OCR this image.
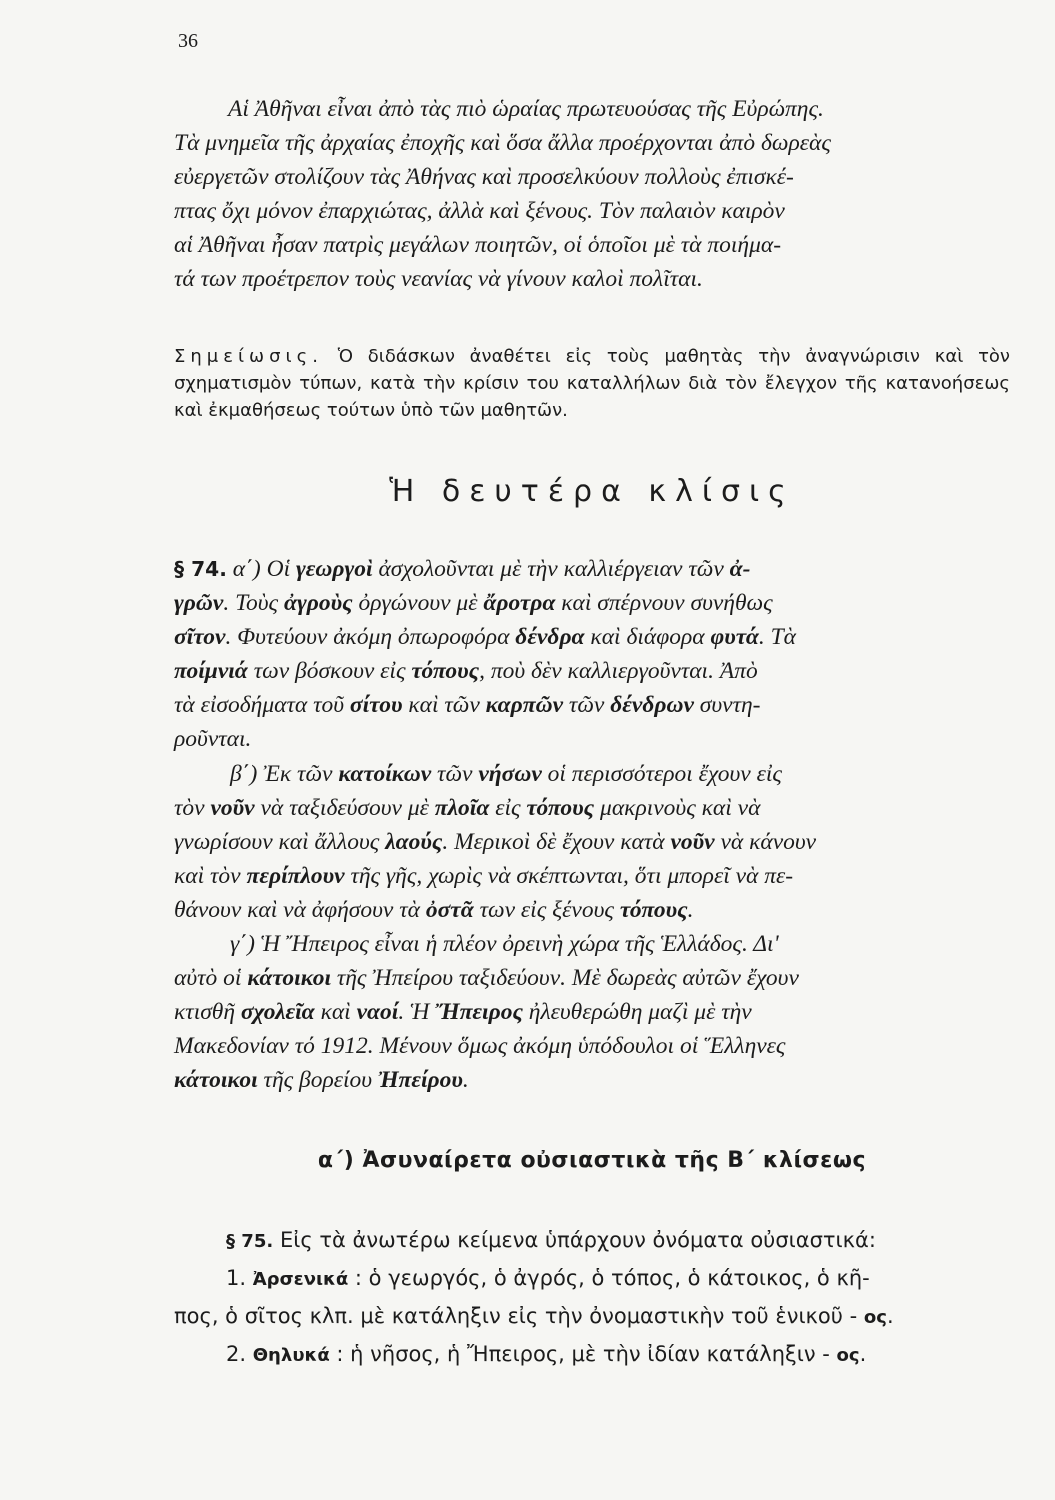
36
Αἱ Ἀθῆναι εἶναι ἀπὸ τὰς πιὸ ὡραίας πρωτευούσας τῆς Εὐρώπης.
Τὰ μνημεῖα τῆς ἀρχαίας ἐποχῆς καὶ ὅσα ἄλλα προέρχονται ἀπὸ δωρεὰς
εὐεργετῶν στολίζουν τὰς Ἀθήνας καὶ προσελκύουν πολλοὺς ἐπισκέ-
πτας ὄχι μόνον ἐπαρχιώτας, ἀλλὰ καὶ ξένους. Τὸν παλαιὸν καιρὸν
αἱ Ἀθῆναι ἦσαν πατρὶς μεγάλων ποιητῶν, οἱ ὁποῖοι μὲ τὰ ποιήμα-
τά των προέτρεπον τοὺς νεανίας νὰ γίνουν καλοὶ πολῖται.
Σημείωσις. Ὁ διδάσκων ἀναθέτει εἰς τοὺς μαθητὰς τὴν ἀναγνώρισιν καὶ τὸν σχηματισμὸν τύπων, κατὰ τὴν κρίσιν του καταλλήλων διὰ τὸν ἔλεγχον τῆς κατανοήσεως καὶ ἐκμαθήσεως τούτων ὑπὸ τῶν μαθητῶν.
Ἡ δευτέρα κλίσις
§ 74. α΄) Οἱ γεωργοὶ ἀσχολοῦνται μὲ τὴν καλλιέργειαν τῶν ἀ-
γρῶν. Τοὺς ἀγροὺς ὀργώνουν μὲ ἄροτρα καὶ σπέρνουν συνήθως
σῖτον. Φυτεύουν ἀκόμη ὀπωροφόρα δένδρα καὶ διάφορα φυτά. Τὰ
ποίμνιά των βόσκουν εἰς τόπους, ποὺ δὲν καλλιεργοῦνται. Ἀπὸ
τὰ εἰσοδήματα τοῦ σίτου καὶ τῶν καρπῶν τῶν δένδρων συντη-
ροῦνται.
β΄) Ἐκ τῶν κατοίκων τῶν νήσων οἱ περισσότεροι ἔχουν εἰς
τὸν νοῦν νὰ ταξιδεύσουν μὲ πλοῖα εἰς τόπους μακρινοὺς καὶ νὰ
γνωρίσουν καὶ ἄλλους λαούς. Μερικοὶ δὲ ἔχουν κατὰ νοῦν νὰ κάνουν
καὶ τὸν περίπλουν τῆς γῆς, χωρὶς νὰ σκέπτωνται, ὅτι μπορεῖ νὰ πε-
θάνουν καὶ νὰ ἀφήσουν τὰ ὀστᾶ των εἰς ξένους τόπους.
γ΄) Ἡ Ἤπειρος εἶναι ἡ πλέον ὀρεινὴ χώρα τῆς Ἑλλάδος. Δι'
αὐτὸ οἱ κάτοικοι τῆς Ἠπείρου ταξιδεύουν. Μὲ δωρεὰς αὐτῶν ἔχουν
κτισθῆ σχολεῖα καὶ ναοί. Ἡ Ἤπειρος ἠλευθερώθη μαζὶ μὲ τὴν
Μακεδονίαν τό 1912. Μένουν ὅμως ἀκόμη ὑπόδουλοι οἱ Ἕλληνες
κάτοικοι τῆς βορείου Ἠπείρου.
α΄) Ἀσυναίρετα οὐσιαστικὰ τῆς Β΄ κλίσεως
§ 75. Εἰς τὰ ἀνωτέρω κείμενα ὑπάρχουν ὀνόματα οὐσιαστικά:
1. Ἀρσενικά : ὁ γεωργός, ὁ ἀγρός, ὁ τόπος, ὁ κάτοικος, ὁ κῆ-
πος, ὁ σῖτος κλπ. μὲ κατάληξιν εἰς τὴν ὀνομαστικὴν τοῦ ἑνικοῦ - ος.
2. Θηλυκά : ἡ νῆσος, ἡ Ἤπειρος, μὲ τὴν ἰδίαν κατάληξιν - ος.
